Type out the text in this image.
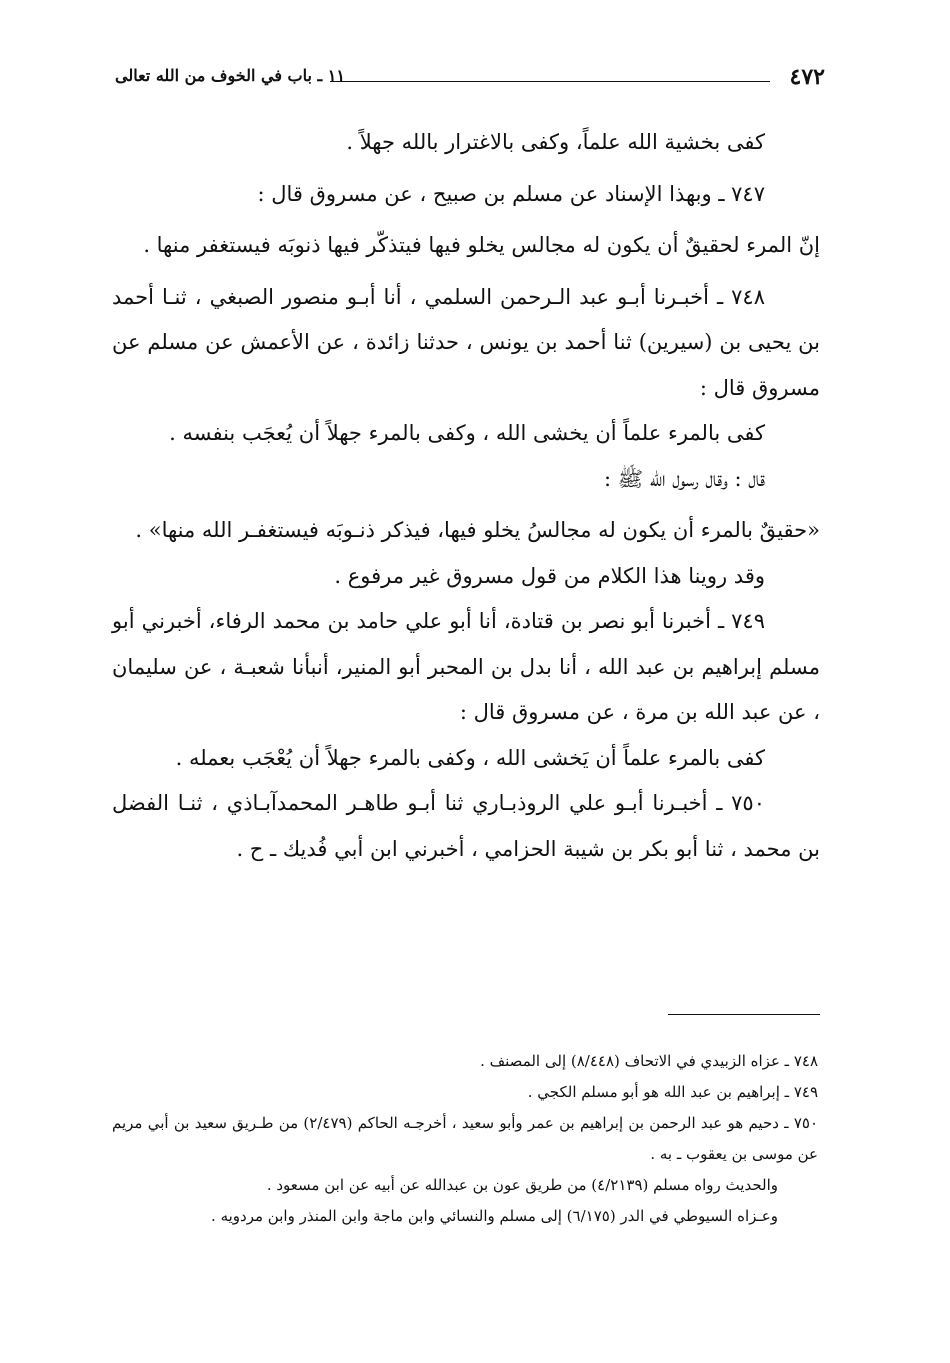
٤٧٢
١١ ـ باب في الخوف من الله تعالى

كفى بخشية الله علماً، وكفى بالاغترار بالله جهلاً .

٧٤٧ ـ وبهذا الإسناد عن مسلم بن صبيح ، عن مسروق قال :

إنّ المرء لحقيقٌ أن يكون له مجالس يخلو فيها فيتذكّر فيها ذنوبَه فيستغفر منها .

٧٤٨ ـ أخبـرنا أبـو عبد الـرحمن السلمي ، أنا أبـو منصور الصبغي ، ثنـا أحمد بن يحيى بن (سيرين) ثنا أحمد بن يونس ، حدثنا زائدة ، عن الأعمش عن مسلم عن مسروق قال :

كفى بالمرء علماً أن يخشى الله ، وكفى بالمرء جهلاً أن يُعجَب بنفسه .

قال : وقال رسول الله ﷺ :

«حقيقٌ بالمرء أن يكون له مجالسُ يخلو فيها، فيذكر ذنـوبَه فيستغفـر الله منها» .

وقد روينا هذا الكلام من قول مسروق غير مرفوع .

٧٤٩ ـ أخبرنا أبو نصر بن قتادة، أنا أبو علي حامد بن محمد الرفاء، أخبرني أبو مسلم إبراهيم بن عبد الله ، أنا بدل بن المحبر أبو المنير، أنبأنا شعبـة ، عن سليمان ، عن عبد الله بن مرة ، عن مسروق قال :

كفى بالمرء علماً أن يَخشى الله ، وكفى بالمرء جهلاً أن يُعْجَب بعمله .

٧٥٠ ـ أخبـرنا أبـو علي الروذبـاري ثنا أبـو طاهـر المحمدآبـاذي ، ثنـا الفضل بن محمد ، ثنا أبو بكر بن شيبة الحزامي ، أخبرني ابن أبي فُديك ـ ح .

٧٤٨ ـ عزاه الزبيدي في الاتحاف (٨/٤٤٨) إلى المصنف .

٧٤٩ ـ إبراهيم بن عبد الله هو أبو مسلم الكجي .

٧٥٠ ـ دحيم هو عبد الرحمن بن إبراهيم بن عمر وأبو سعيد ، أخرجـه الحاكم (٢/٤٧٩) من طـريق سعيد بن أبي مريم عن موسى بن يعقوب ـ به .

والحديث رواه مسلم (٤/٢١٣٩) من طريق عون بن عبدالله عن أبيه عن ابن مسعود .

وعـزاه السيوطي في الدر (٦/١٧٥) إلى مسلم والنسائي وابن ماجة وابن المنذر وابن مردويه .
